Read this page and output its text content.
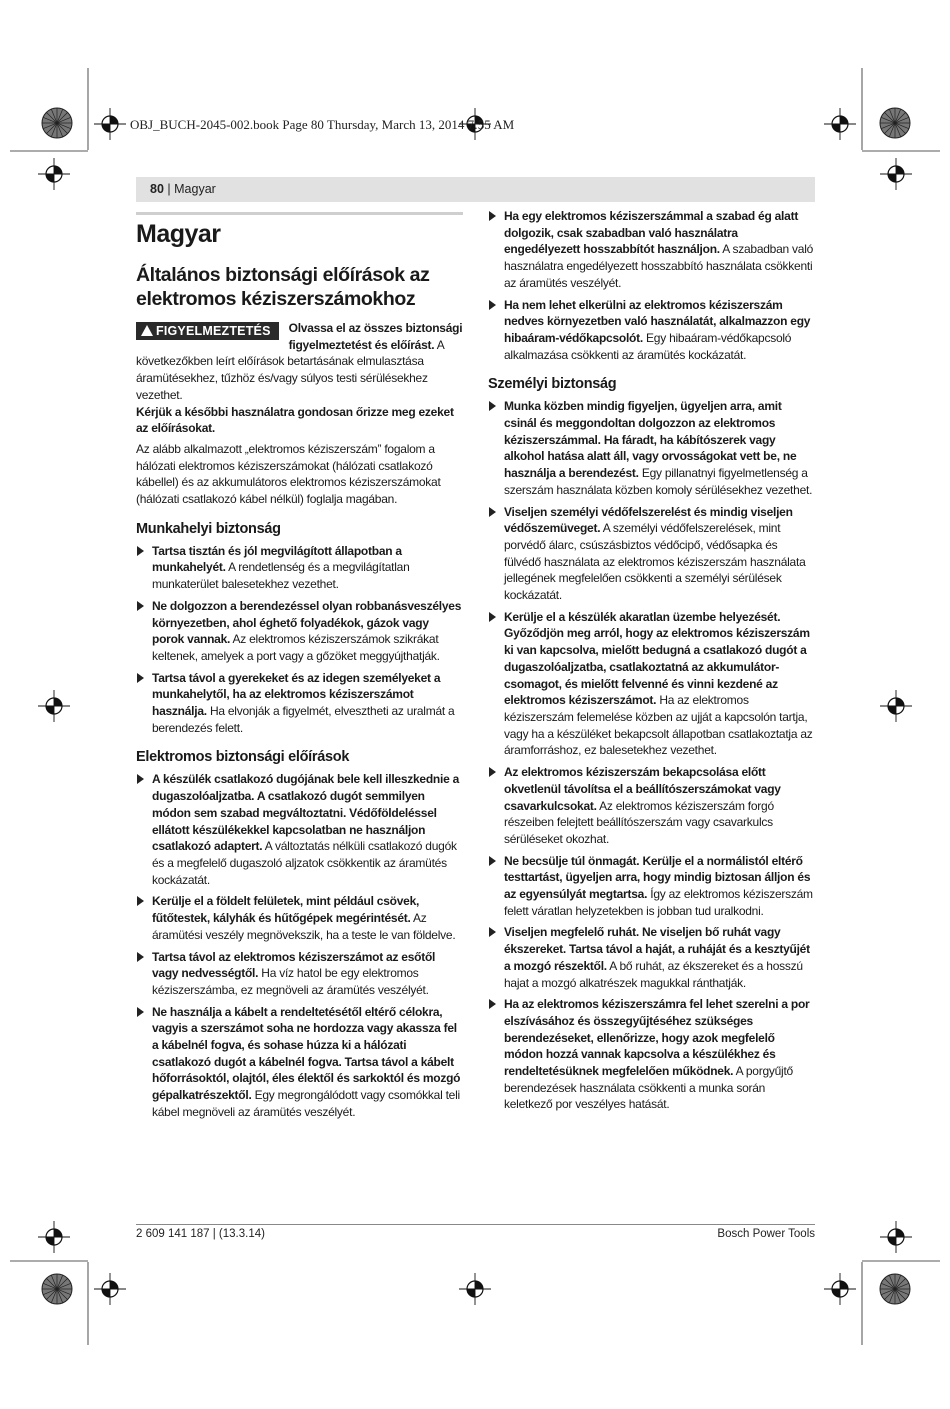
OBJ_BUCH-2045-002.book Page 80 Thursday, March 13, 2014 7:55 AM
80 | Magyar
Magyar
Általános biztonsági előírások az elektromos kéziszerszámokhoz
FIGYELMEZTETÉS	Olvassa el az összes biztonsági figyelmeztetést és előírást. A következőkben leírt előírások betartásának elmulasztása áramütésekhez, tűzhöz és/vagy súlyos testi sérülésekhez vezethet.

Kérjük a későbbi használatra gondosan őrizze meg ezeket az előírásokat.

Az alább alkalmazott „elektromos kéziszerszám” fogalom a hálózati elektromos kéziszerszámokat (hálózati csatlakozó kábellel) és az akkumulátoros elektromos kéziszerszámokat (hálózati csatlakozó kábel nélkül) foglalja magában.

Munkahelyi biztonság
Tartsa tisztán és jól megvilágított állapotban a munkahelyét. A rendetlenség és a megvilágítatlan munkaterület balesetekhez vezethet.
Ne dolgozzon a berendezéssel olyan robbanásveszélyes környezetben, ahol éghető folyadékok, gázok vagy porok vannak. Az elektromos kéziszerszámok szikrákat keltenek, amelyek a port vagy a gőzöket meggyújthatják.
Tartsa távol a gyerekeket és az idegen személyeket a munkahelytől, ha az elektromos kéziszerszámot használja. Ha elvonják a figyelmét, elvesztheti az uralmát a berendezés felett.
Elektromos biztonsági előírások
A készülék csatlakozó dugójának bele kell illeszkednie a dugaszolóaljzatba. A csatlakozó dugót semmilyen módon sem szabad megváltoztatni. Védőföldeléssel ellátott készülékekkel kapcsolatban ne használjon csatlakozó adaptert. A változtatás nélküli csatlakozó dugók és a megfelelő dugaszoló aljzatok csökkentik az áramütés kockázatát.
Kerülje el a földelt felületek, mint például csövek, fűtőtestek, kályhák és hűtőgépek megérintését. Az áramütési veszély megnövekszik, ha a teste le van földelve.
Tartsa távol az elektromos kéziszerszámot az esőtől vagy nedvességtől. Ha víz hatol be egy elektromos kéziszerszámba, ez megnöveli az áramütés veszélyét.
Ne használja a kábelt a rendeltetésétől eltérő célokra, vagyis a szerszámot soha ne hordozza vagy akassza fel a kábelnél fogva, és sohase húzza ki a hálózati csatlakozó dugót a kábelnél fogva. Tartsa távol a kábelt hőforrásoktól, olajtól, éles élektől és sarkoktól és mozgó gépalkatrészektől. Egy megrongálódott vagy csomókkal teli kábel megnöveli az áramütés veszélyét.
Ha egy elektromos kéziszerszámmal a szabad ég alatt dolgozik, csak szabadban való használatra engedélyezett hosszabbítót használjon. A szabadban való használatra engedélyezett hosszabbító használata csökkenti az áramütés veszélyét.
Ha nem lehet elkerülni az elektromos kéziszerszám nedves környezetben való használatát, alkalmazzon egy hibaáram-védőkapcsolót. Egy hibaáram-védőkapcsoló alkalmazása csökkenti az áramütés kockázatát.
Személyi biztonság
Munka közben mindig figyeljen, ügyeljen arra, amit csinál és meggondoltan dolgozzon az elektromos kéziszerszámmal. Ha fáradt, ha kábítószerek vagy alkohol hatása alatt áll, vagy orvosságokat vett be, ne használja a berendezést. Egy pillanatnyi figyelmetlenség a szerszám használata közben komoly sérülésekhez vezethet.
Viseljen személyi védőfelszerelést és mindig viseljen védőszemüveget. A személyi védőfelszerelések, mint porvédő álarc, csúszásbiztos védőcipő, védősapka és fülvédő használata az elektromos kéziszerszám használata jellegének megfelelően csökkenti a személyi sérülések kockázatát.
Kerülje el a készülék akaratlan üzembe helyezését. Győződjön meg arról, hogy az elektromos kéziszerszám ki van kapcsolva, mielőtt bedugná a csatlakozó dugót a dugaszolóaljzatba, csatlakoztatná az akkumulátor-csomagot, és mielőtt felvenné és vinni kezdené az elektromos kéziszerszámot. Ha az elektromos kéziszerszám felemelése közben az ujját a kapcsolón tartja, vagy ha a készüléket bekapcsolt állapotban csatlakoztatja az áramforráshoz, ez balesetekhez vezethet.
Az elektromos kéziszerszám bekapcsolása előtt okvetlenül távolítsa el a beállítószerszámokat vagy csavarkulcsokat. Az elektromos kéziszerszám forgó részeiben felejtett beállítószerszám vagy csavarkulcs sérüléseket okozhat.
Ne becsülje túl önmagát. Kerülje el a normálistól eltérő testtartást, ügyeljen arra, hogy mindig biztosan álljon és az egyensúlyát megtartsa. Így az elektromos kéziszerszám felett váratlan helyzetekben is jobban tud uralkodni.
Viseljen megfelelő ruhát. Ne viseljen bő ruhát vagy ékszereket. Tartsa távol a haját, a ruháját és a kesztyűjét a mozgó részektől. A bő ruhát, az ékszereket és a hosszú hajat a mozgó alkatrészek magukkal ránthatják.
Ha az elektromos kéziszerszámra fel lehet szerelni a por elszívásához és összegyűjtéséhez szükséges berendezéseket, ellenőrizze, hogy azok megfelelő módon hozzá vannak kapcsolva a készülékhez és rendeltetésüknek megfelelően működnek. A porgyűjtő berendezések használata csökkenti a munka során keletkező por veszélyes hatását.
2 609 141 187 | (13.3.14)	Bosch Power Tools
